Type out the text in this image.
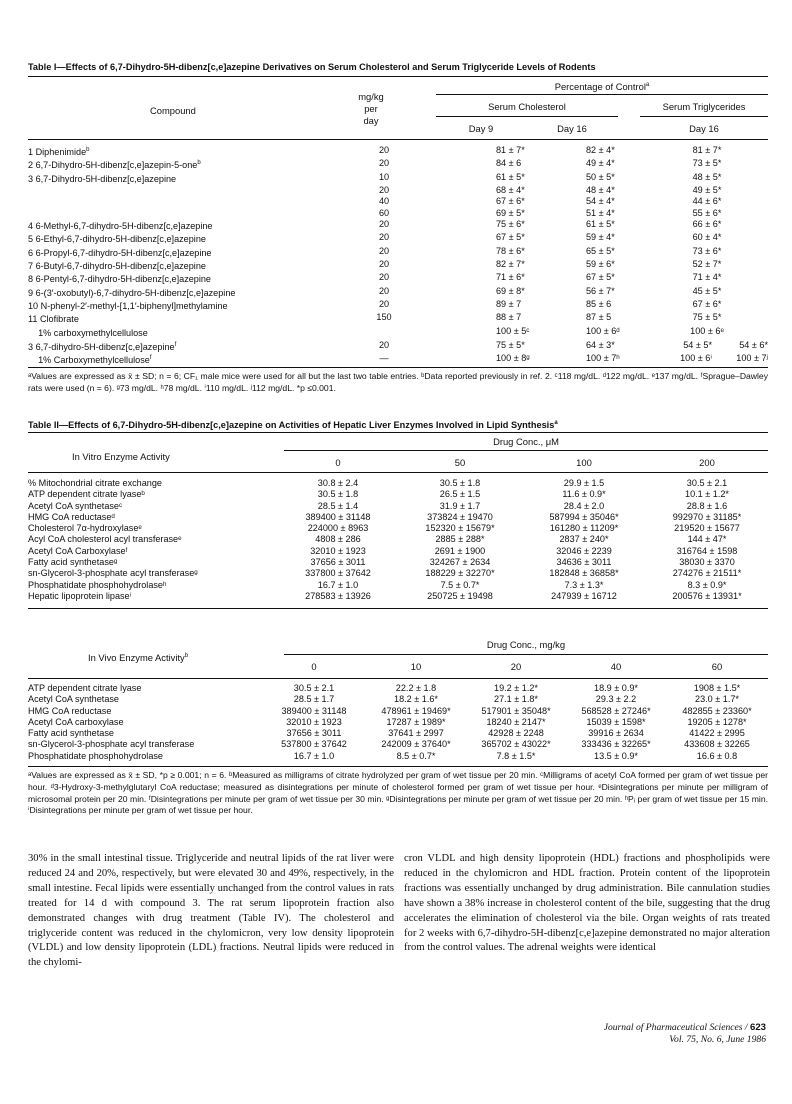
Table I—Effects of 6,7-Dihydro-5H-dibenz[c,e]azepine Derivatives on Serum Cholesterol and Serum Triglyceride Levels of Rodents
Compound
mg/kg
per
day
Percentage of Control$^a$
Serum Cholesterol	Serum Triglycerides
Day 9	Day 16	Day 16
1 Diphenimide$^b$	20		81 ± 7*	82 ± 4*	81 ± 7*
2 6,7-Dihydro-5H-dibenz[c,e]azepin-5-one$^b$	20		84 ± 6	49 ± 4*	73 ± 5*
3 6,7-Dihydro-5H-dibenz[c,e]azepine	10		61 ± 5*	50 ± 5*	48 ± 5*
	20		68 ± 4*	48 ± 4*	49 ± 5*
	40		67 ± 6*	54 ± 4*	44 ± 6*
	60		69 ± 5*	51 ± 4*	55 ± 6*
4 6-Methyl-6,7-dihydro-5H-dibenz[c,e]azepine	20		75 ± 6*	61 ± 5*	66 ± 6*
5 6-Ethyl-6,7-dihydro-5H-dibenz[c,e]azepine	20		67 ± 5*	59 ± 4*	60 ± 4*
6 6-Propyl-6,7-dihydro-5H-dibenz[c,e]azepine	20		78 ± 6*	65 ± 5*	73 ± 6*
7 6-Butyl-6,7-dihydro-5H-dibenz[c,e]azepine	20		82 ± 7*	59 ± 6*	52 ± 7*
8 6-Pentyl-6,7-dihydro-5H-dibenz[c,e]azepine	20		71 ± 6*	67 ± 5*	71 ± 4*
9 6-(3′-oxobutyl)-6,7-dihydro-5H-dibenz[c,e]azepine	20		69 ± 8*	56 ± 7*	45 ± 5*
10 N-phenyl-2′-methyl-[1,1′-biphenyl]methylamine	20		89 ± 7	85 ± 6	67 ± 6*
11 Clofibrate	150		88 ± 7	87 ± 5	75 ± 5*
1% carboxymethylcellulose			100 ± 5ᶜ	100 ± 6ᵈ	100 ± 6ᵉ
3 6,7-dihydro-5H-dibenz[c,e]azepine$^f$	20		75 ± 5*	64 ± 3*	54 ± 5*	54 ± 6*
1% Carboxymethylcellulose$^f$	—		100 ± 8ᵍ	100 ± 7ʰ	100 ± 6ⁱ	100 ± 7ʲ
ᵃValues are expressed as x̄ ± SD; n = 6; CF₁ male mice were used for all but the last two table entries. ᵇData reported previously in ref. 2. ᶜ118 mg/dL. ᵈ122 mg/dL. ᵉ137 mg/dL. ᶠSprague–Dawley rats were used (n = 6). ᵍ73 mg/dL. ʰ78 mg/dL. ⁱ110 mg/dL. ʲ112 mg/dL. *p ≤0.001.
Table II—Effects of 6,7-Dihydro-5H-dibenz[c,e]azepine on Activities of Hepatic Liver Enzymes Involved in Lipid Synthesis$^a$
In Vitro Enzyme Activity
Drug Conc., μM
0	50	100	200
% Mitochondrial citrate exchange	30.8 ± 2.4	30.5 ± 1.8	29.9 ± 1.5	30.5 ± 2.1
ATP dependent citrate lyaseᵇ	30.5 ± 1.8	26.5 ± 1.5	11.6 ± 0.9*	10.1 ± 1.2*
Acetyl CoA synthetaseᶜ	28.5 ± 1.4	31.9 ± 1.7	28.4 ± 2.0	28.8 ± 1.6
HMG CoA reductaseᵈ	389400 ± 31148	373824 ± 19470	587994 ± 35046*	992970 ± 31185*
Cholesterol 7α-hydroxylaseᵉ	224000 ± 8963	152320 ± 15679*	161280 ± 11209*	219520 ± 15677
Acyl CoA cholesterol acyl transferaseᵉ	4808 ± 286	2885 ± 288*	2837 ± 240*	144 ± 47*
Acetyl CoA Carboxylaseᶠ	32010 ± 1923	2691 ± 1900	32046 ± 2239	316764 ± 1598
Fatty acid synthetaseᵍ	37656 ± 3011	324267 ± 2634	34636 ± 3011	38030 ± 3370
sn-Glycerol-3-phosphate acyl transferaseᵍ	337800 ± 37642	188229 ± 32270*	182848 ± 36858*	274276 ± 21511*
Phosphatidate phosphohydrolaseʰ	16.7 ± 1.0	7.5 ± 0.7*	7.3 ± 1.3*	8.3 ± 0.9*
Hepatic lipoprotein lipaseⁱ	278583 ± 13926	250725 ± 19498	247939 ± 16712	200576 ± 13931*
In Vivo Enzyme Activity$^b$
Drug Conc., mg/kg
0	10	20	40	60
ATP dependent citrate lyase	30.5 ± 2.1	22.2 ± 1.8	19.2 ± 1.2*	18.9 ± 0.9*	1908 ± 1.5*
Acetyl CoA synthetase	28.5 ± 1.7	18.2 ± 1.6*	27.1 ± 1.8*	29.3 ± 2.2	23.0 ± 1.7*
HMG CoA reductase	389400 ± 31148	478961 ± 19469*	517901 ± 35048*	568528 ± 27246*	482855 ± 23360*
Acetyl CoA carboxylase	32010 ± 1923	17287 ± 1989*	18240 ± 2147*	15039 ± 1598*	19205 ± 1278*
Fatty acid synthetase	37656 ± 3011	37641 ± 2997	42928 ± 2248	39916 ± 2634	41422 ± 2995
sn-Glycerol-3-phosphate acyl transferase	537800 ± 37642	242009 ± 37640*	365702 ± 43022*	333436 ± 32265*	433608 ± 32265
Phosphatidate phosphohydrolase	16.7 ± 1.0	8.5 ± 0.7*	7.8 ± 1.5*	13.5 ± 0.9*	16.6 ± 0.8
ᵃValues are expressed as x̄ ± SD, *p ≥ 0.001; n = 6. ᵇMeasured as milligrams of citrate hydrolyzed per gram of wet tissue per 20 min. ᶜMilligrams of acetyl CoA formed per gram of wet tissue per hour. ᵈ3-Hydroxy-3-methylglutaryl CoA reductase; measured as disintegrations per minute of cholesterol formed per gram of wet tissue per hour. ᵉDisintegrations per minute per milligram of microsomal protein per 20 min. ᶠDisintegrations per minute per gram of wet tissue per 30 min. ᵍDisintegrations per minute per gram of wet tissue per 20 min. ʰPᵢ per gram of wet tissue per 15 min. ⁱDisintegrations per minute per gram of wet tissue per hour.
30% in the small intestinal tissue. Triglyceride and neutral lipids of the rat liver were reduced 24 and 20%, respectively, but were elevated 30 and 49%, respectively, in the small intestine. Fecal lipids were essentially unchanged from the control values in rats treated for 14 d with compound 3. The rat serum lipoprotein fraction also demonstrated changes with drug treatment (Table IV). The cholesterol and triglyceride content was reduced in the chylomicron, very low density lipoprotein (VLDL) and low density lipoprotein (LDL) fractions. Neutral lipids were reduced in the chylomi-
cron VLDL and high density lipoprotein (HDL) fractions and phospholipids were reduced in the chylomicron and HDL fraction. Protein content of the lipoprotein fractions was essentially unchanged by drug administration. Bile cannulation studies have shown a 38% increase in cholesterol content of the bile, suggesting that the drug accelerates the elimination of cholesterol via the bile. Organ weights of rats treated for 2 weeks with 6,7-dihydro-5H-dibenz[c,e]azepine demonstrated no major alteration from the control values. The adrenal weights were identical
Journal of Pharmaceutical Sciences / 623
Vol. 75, No. 6, June 1986
